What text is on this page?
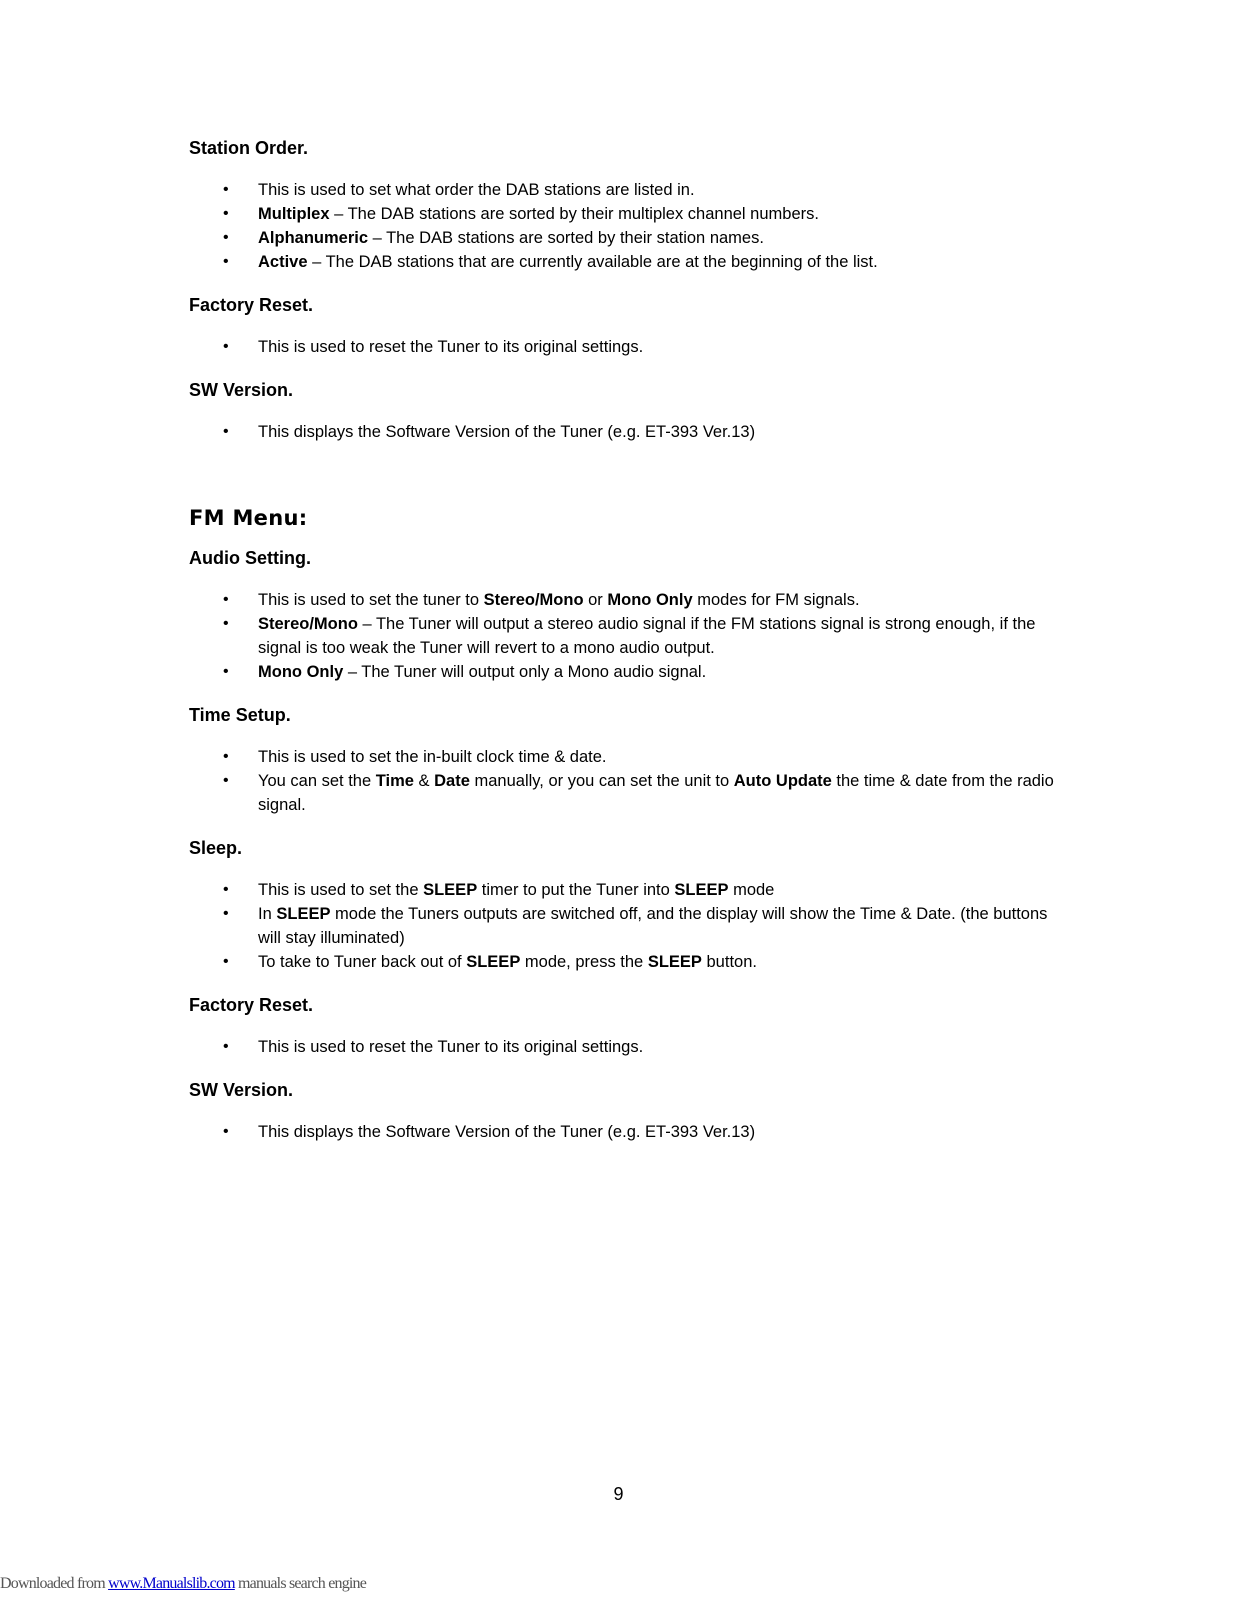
Station Order.
• This is used to set what order the DAB stations are listed in.
• Multiplex – The DAB stations are sorted by their multiplex channel numbers.
• Alphanumeric – The DAB stations are sorted by their station names.
• Active – The DAB stations that are currently available are at the beginning of the list.
Factory Reset.
• This is used to reset the Tuner to its original settings.
SW Version.
• This displays the Software Version of the Tuner (e.g. ET-393 Ver.13)
FM Menu:
Audio Setting.
• This is used to set the tuner to Stereo/Mono or Mono Only modes for FM signals.
• Stereo/Mono – The Tuner will output a stereo audio signal if the FM stations signal is strong enough, if the signal is too weak the Tuner will revert to a mono audio output.
• Mono Only – The Tuner will output only a Mono audio signal.
Time Setup.
• This is used to set the in-built clock time & date.
• You can set the Time & Date manually, or you can set the unit to Auto Update the time & date from the radio signal.
Sleep.
• This is used to set the SLEEP timer to put the Tuner into SLEEP mode
• In SLEEP mode the Tuners outputs are switched off, and the display will show the Time & Date. (the buttons will stay illuminated)
• To take to Tuner back out of SLEEP mode, press the SLEEP button.
Factory Reset.
• This is used to reset the Tuner to its original settings.
SW Version.
• This displays the Software Version of the Tuner (e.g. ET-393 Ver.13)
9
Downloaded from www.Manualslib.com manuals search engine
